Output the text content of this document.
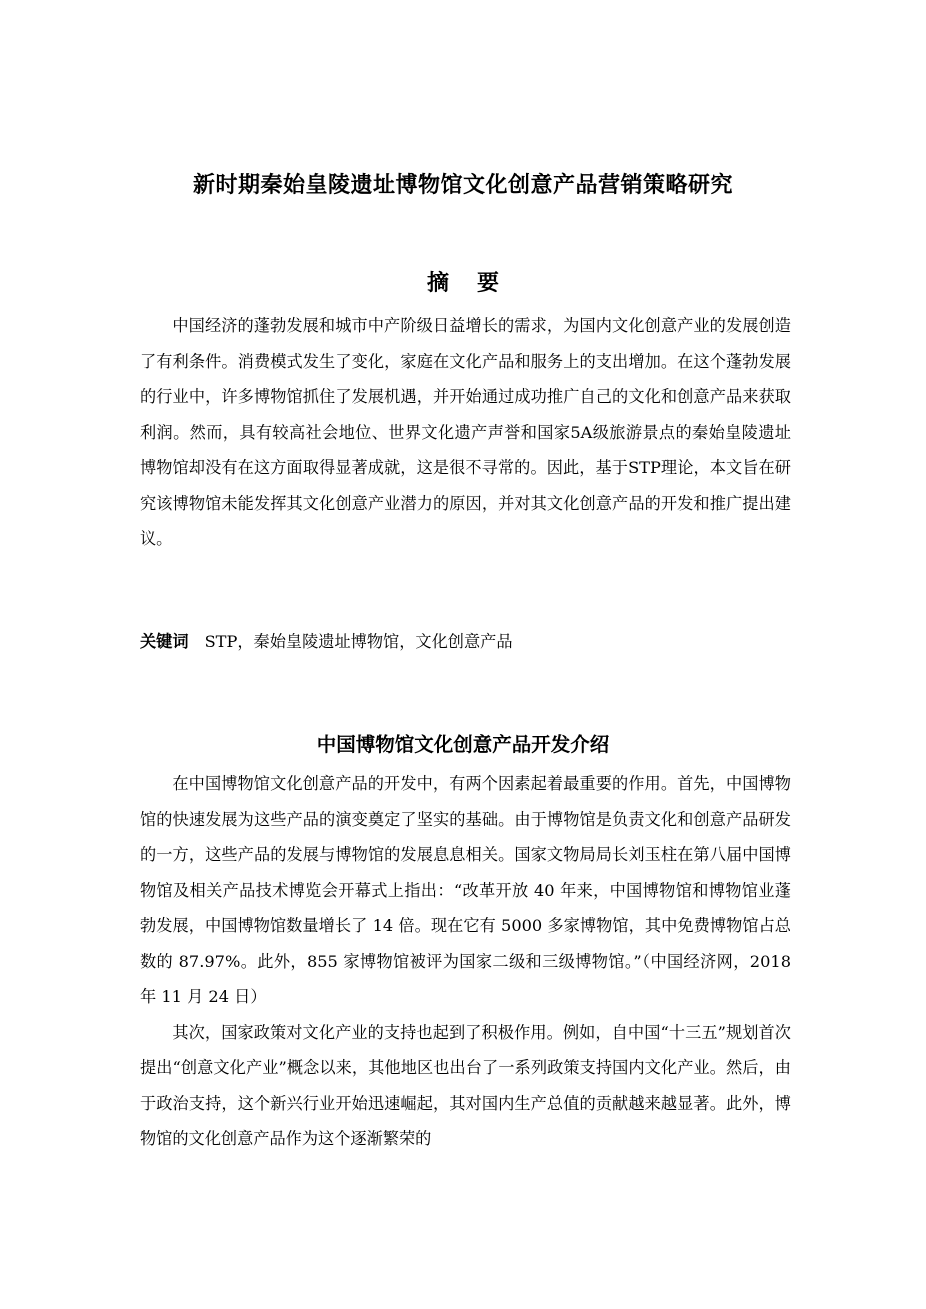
新时期秦始皇陵遗址博物馆文化创意产品营销策略研究
摘要

中国经济的蓬勃发展和城市中产阶级日益增长的需求，为国内文化创意产业的发展创造了有利条件。消费模式发生了变化，家庭在文化产品和服务上的支出增加。在这个蓬勃发展的行业中，许多博物馆抓住了发展机遇，并开始通过成功推广自己的文化和创意产品来获取利润。然而，具有较高社会地位、世界文化遗产声誉和国家5A级旅游景点的秦始皇陵遗址博物馆却没有在这方面取得显著成就，这是很不寻常的。因此，基于STP理论，本文旨在研究该博物馆未能发挥其文化创意产业潜力的原因，并对其文化创意产品的开发和推广提出建议。

关键词 STP，秦始皇陵遗址博物馆，文化创意产品
中国博物馆文化创意产品开发介绍

在中国博物馆文化创意产品的开发中，有两个因素起着最重要的作用。首先，中国博物馆的快速发展为这些产品的演变奠定了坚实的基础。由于博物馆是负责文化和创意产品研发的一方，这些产品的发展与博物馆的发展息息相关。国家文物局局长刘玉柱在第八届中国博物馆及相关产品技术博览会开幕式上指出：“改革开放 40 年来，中国博物馆和博物馆业蓬勃发展，中国博物馆数量增长了 14 倍。现在它有 5000 多家博物馆，其中免费博物馆占总数的 87.97%。此外，855 家博物馆被评为国家二级和三级博物馆。”（中国经济网，2018 年 11 月 24 日）

其次，国家政策对文化产业的支持也起到了积极作用。例如，自中国“十三五”规划首次提出“创意文化产业”概念以来，其他地区也出台了一系列政策支持国内文化产业。然后，由于政治支持，这个新兴行业开始迅速崛起，其对国内生产总值的贡献越来越显著。此外，博物馆的文化创意产品作为这个逐渐繁荣的
